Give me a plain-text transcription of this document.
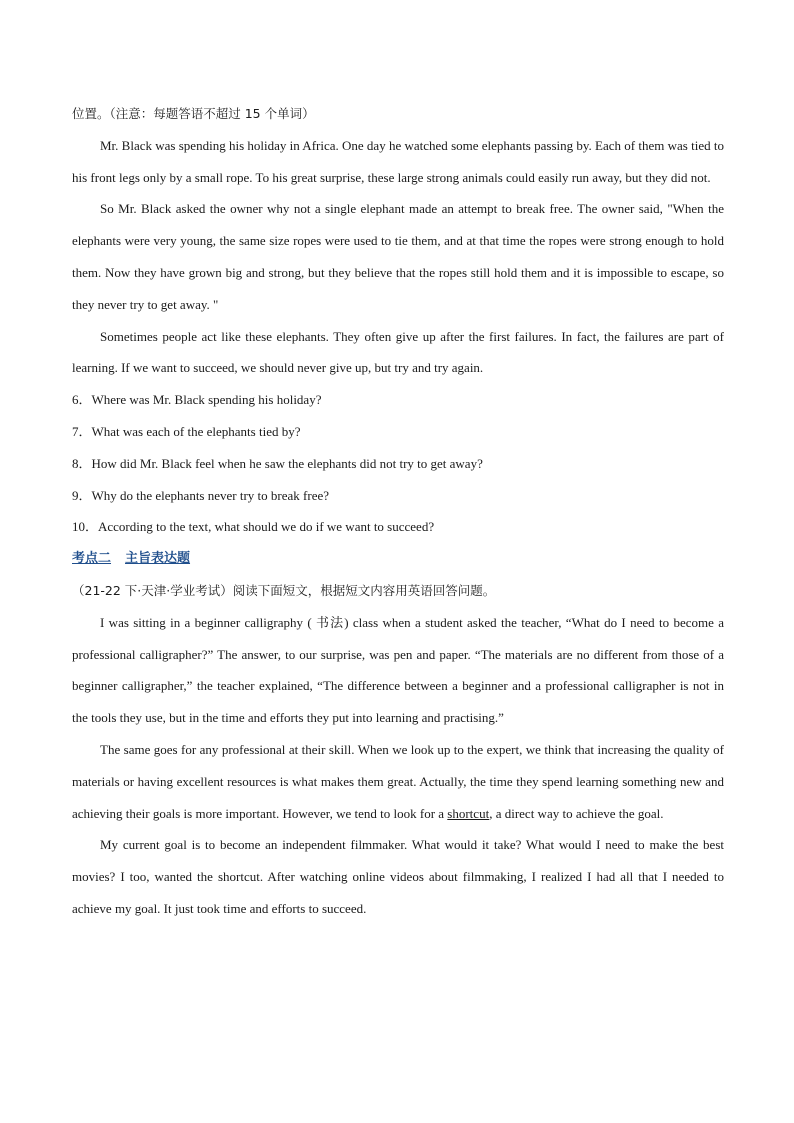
位置。（注意：每题答语不超过 15 个单词）
Mr. Black was spending his holiday in Africa. One day he watched some elephants passing by. Each of them was tied to his front legs only by a small rope. To his great surprise, these large strong animals could easily run away, but they did not.
So Mr. Black asked the owner why not a single elephant made an attempt to break free. The owner said, "When the elephants were very young, the same size ropes were used to tie them, and at that time the ropes were strong enough to hold them. Now they have grown big and strong, but they believe that the ropes still hold them and it is impossible to escape, so they never try to get away. "
Sometimes people act like these elephants. They often give up after the first failures. In fact, the failures are part of learning. If we want to succeed, we should never give up, but try and try again.
6．Where was Mr. Black spending his holiday?
7．What was each of the elephants tied by?
8．How did Mr. Black feel when he saw the elephants did not try to get away?
9．Why do the elephants never try to break free?
10．According to the text, what should we do if we want to succeed?
考点二 主旨表达题
（21-22 下·天津·学业考试）阅读下面短文，根据短文内容用英语回答问题。
I was sitting in a beginner calligraphy ( 书法) class when a student asked the teacher, “What do I need to become a professional calligrapher?” The answer, to our surprise, was pen and paper. “The materials are no different from those of a beginner calligrapher,” the teacher explained, “The difference between a beginner and a professional calligrapher is not in the tools they use, but in the time and efforts they put into learning and practising.”
The same goes for any professional at their skill. When we look up to the expert, we think that increasing the quality of materials or having excellent resources is what makes them great. Actually, the time they spend learning something new and achieving their goals is more important. However, we tend to look for a shortcut, a direct way to achieve the goal.
My current goal is to become an independent filmmaker. What would it take? What would I need to make the best movies? I too, wanted the shortcut. After watching online videos about filmmaking, I realized I had all that I needed to achieve my goal. It just took time and efforts to succeed.
